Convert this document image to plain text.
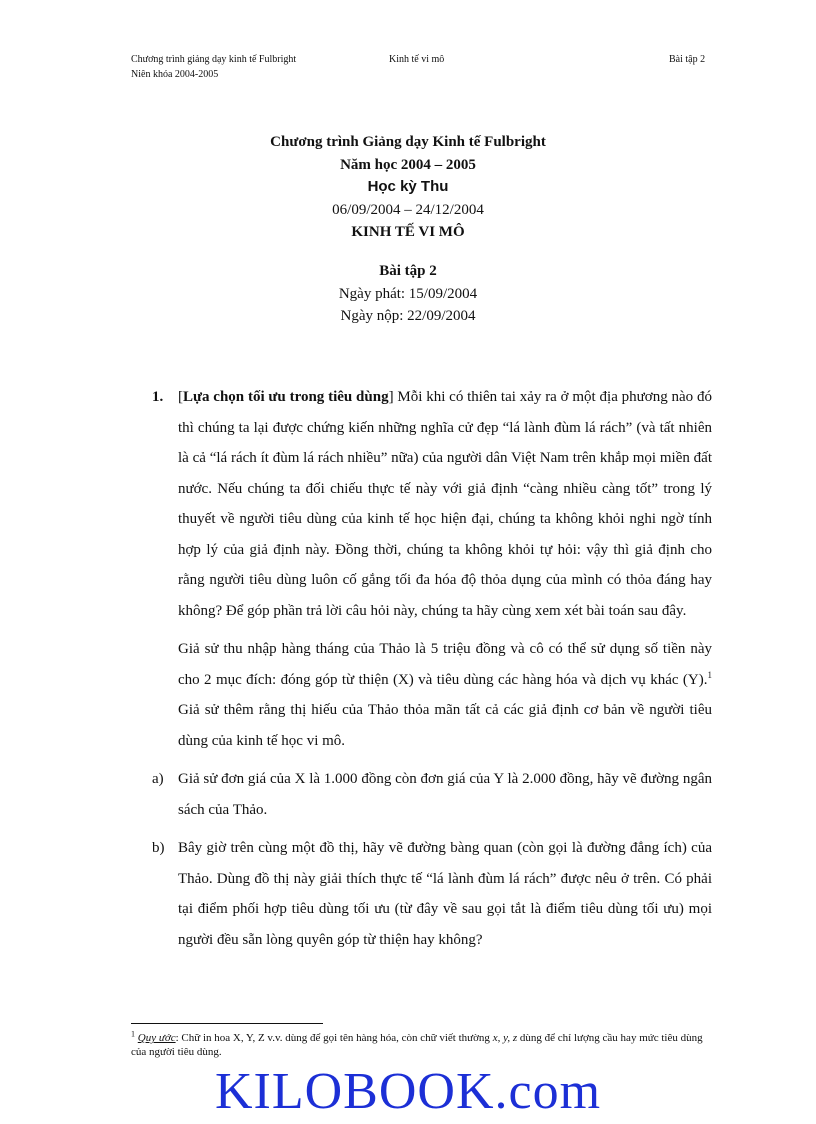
Chương trình giảng dạy kinh tế Fulbright
Niên khóa 2004-2005
Kinh tế vi mô	Bài tập 2
Chương trình Giảng dạy Kinh tế Fulbright
Năm học 2004 – 2005
Học kỳ Thu
06/09/2004 – 24/12/2004
KINH TẾ VI MÔ
Bài tập 2
Ngày phát: 15/09/2004
Ngày nộp: 22/09/2004
1. [Lựa chọn tối ưu trong tiêu dùng] Mỗi khi có thiên tai xảy ra ở một địa phương nào đó thì chúng ta lại được chứng kiến những nghĩa cử đẹp “lá lành đùm lá rách” (và tất nhiên là cả “lá rách ít đùm lá rách nhiều” nữa) của người dân Việt Nam trên khắp mọi miền đất nước. Nếu chúng ta đối chiếu thực tế này với giả định “càng nhiều càng tốt” trong lý thuyết về người tiêu dùng của kinh tế học hiện đại, chúng ta không khỏi nghi ngờ tính hợp lý của giả định này. Đồng thời, chúng ta không khỏi tự hỏi: vậy thì giả định cho rằng người tiêu dùng luôn cố gắng tối đa hóa độ thỏa dụng của mình có thỏa đáng hay không? Để góp phần trả lời câu hỏi này, chúng ta hãy cùng xem xét bài toán sau đây.

Giả sử thu nhập hàng tháng của Thảo là 5 triệu đồng và cô có thể sử dụng số tiền này cho 2 mục đích: đóng góp từ thiện (X) và tiêu dùng các hàng hóa và dịch vụ khác (Y).$^1$ Giả sử thêm rằng thị hiếu của Thảo thỏa mãn tất cả các giả định cơ bản về người tiêu dùng của kinh tế học vi mô.

a) Giả sử đơn giá của X là 1.000 đồng còn đơn giá của Y là 2.000 đồng, hãy vẽ đường ngân sách của Thảo.
b) Bây giờ trên cùng một đồ thị, hãy vẽ đường bàng quan (còn gọi là đường đẳng ích) của Thảo. Dùng đồ thị này giải thích thực tế “lá lành đùm lá rách” được nêu ở trên. Có phải tại điểm phối hợp tiêu dùng tối ưu (từ đây về sau gọi tắt là điểm tiêu dùng tối ưu) mọi người đều sẵn lòng quyên góp từ thiện hay không?
$^1$ Quy ước: Chữ in hoa X, Y, Z v.v. dùng để gọi tên hàng hóa, còn chữ viết thường x, y, z dùng để chỉ lượng cầu hay mức tiêu dùng của người tiêu dùng.
KILOBOOK.com
